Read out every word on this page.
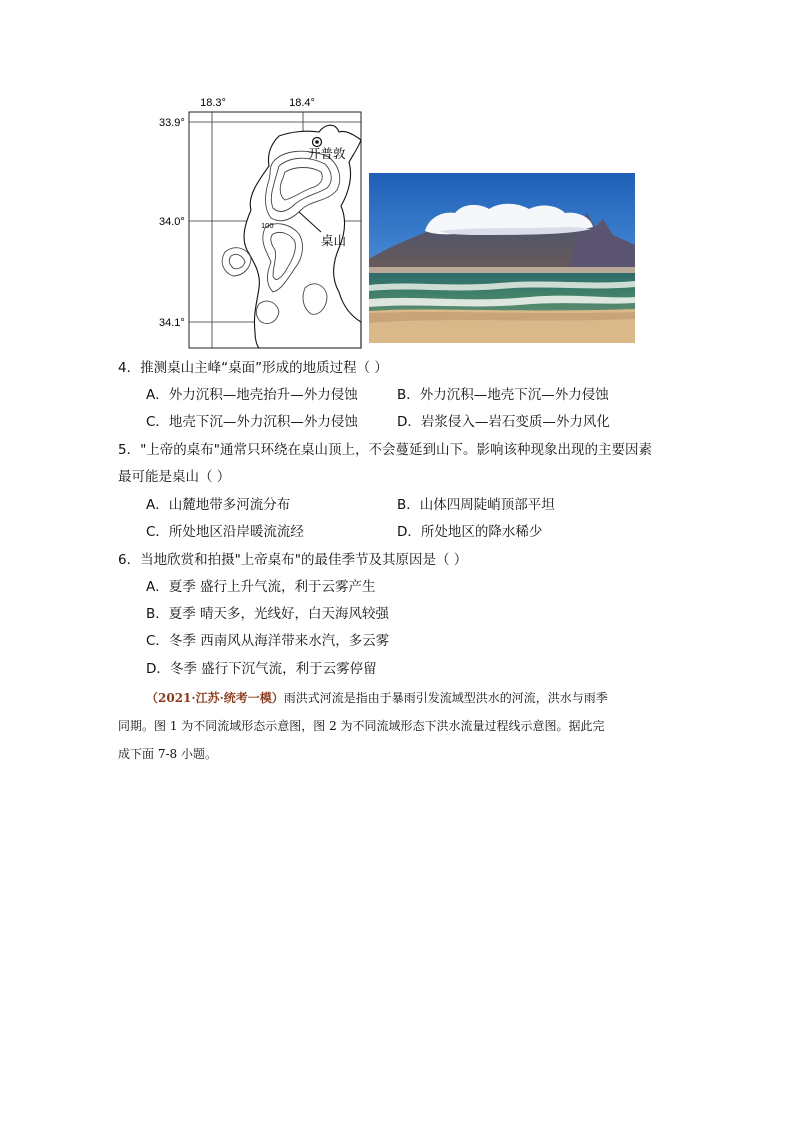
18.3°	18.4°
33.9°
34.0°
34.1°
开普敦
桌山
100
4．推测桌山主峰“桌面”形成的地质过程（ ）
A．外力沉积—地壳抬升—外力侵蚀	B．外力沉积—地壳下沉—外力侵蚀
C．地壳下沉—外力沉积—外力侵蚀	D．岩浆侵入—岩石变质—外力风化
5．"上帝的桌布"通常只环绕在桌山顶上，不会蔓延到山下。影响该种现象出现的主要因素
最可能是桌山（ ）
A．山麓地带多河流分布	B．山体四周陡峭顶部平坦
C．所处地区沿岸暖流流经	D．所处地区的降水稀少
6．当地欣赏和拍摄"上帝桌布"的最佳季节及其原因是（ ）
A．夏季 盛行上升气流，利于云雾产生
B．夏季 晴天多，光线好，白天海风较强
C．冬季 西南风从海洋带来水汽，多云雾
D．冬季 盛行下沉气流，利于云雾停留
（2021·江苏·统考一模）雨洪式河流是指由于暴雨引发流域型洪水的河流，洪水与雨季
同期。图 1 为不同流域形态示意图，图 2 为不同流域形态下洪水流量过程线示意图。据此完
成下面 7-8 小题。
